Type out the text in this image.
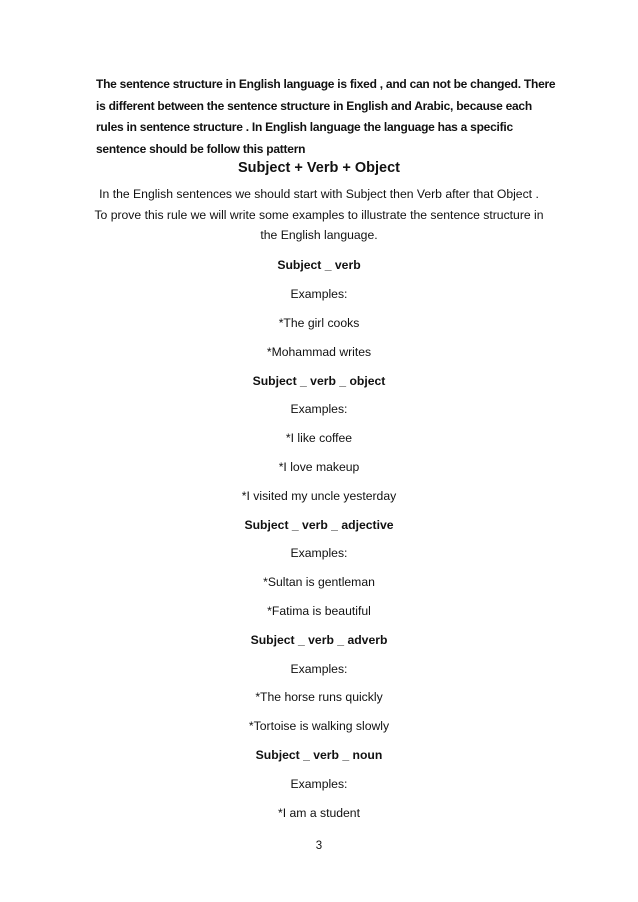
The sentence structure in English language is fixed , and can not be changed. There
is different between the sentence structure in English and Arabic, because each
rules in sentence structure . In English language the language has a specific
sentence should be follow this pattern
Subject + Verb + Object
In the English sentences we should start with Subject then Verb after that Object .
To prove this rule we will write some examples to illustrate the sentence structure in
the English language.
Subject _ verb
Examples:
*The girl cooks
*Mohammad writes
Subject _ verb _ object
Examples:
*I like coffee
*I love makeup
*I visited my uncle yesterday
Subject _ verb _ adjective
Examples:
*Sultan is gentleman
*Fatima is beautiful
Subject _ verb _ adverb
Examples:
*The horse runs quickly
*Tortoise is walking slowly
Subject _ verb _ noun
Examples:
*I am a student
3
